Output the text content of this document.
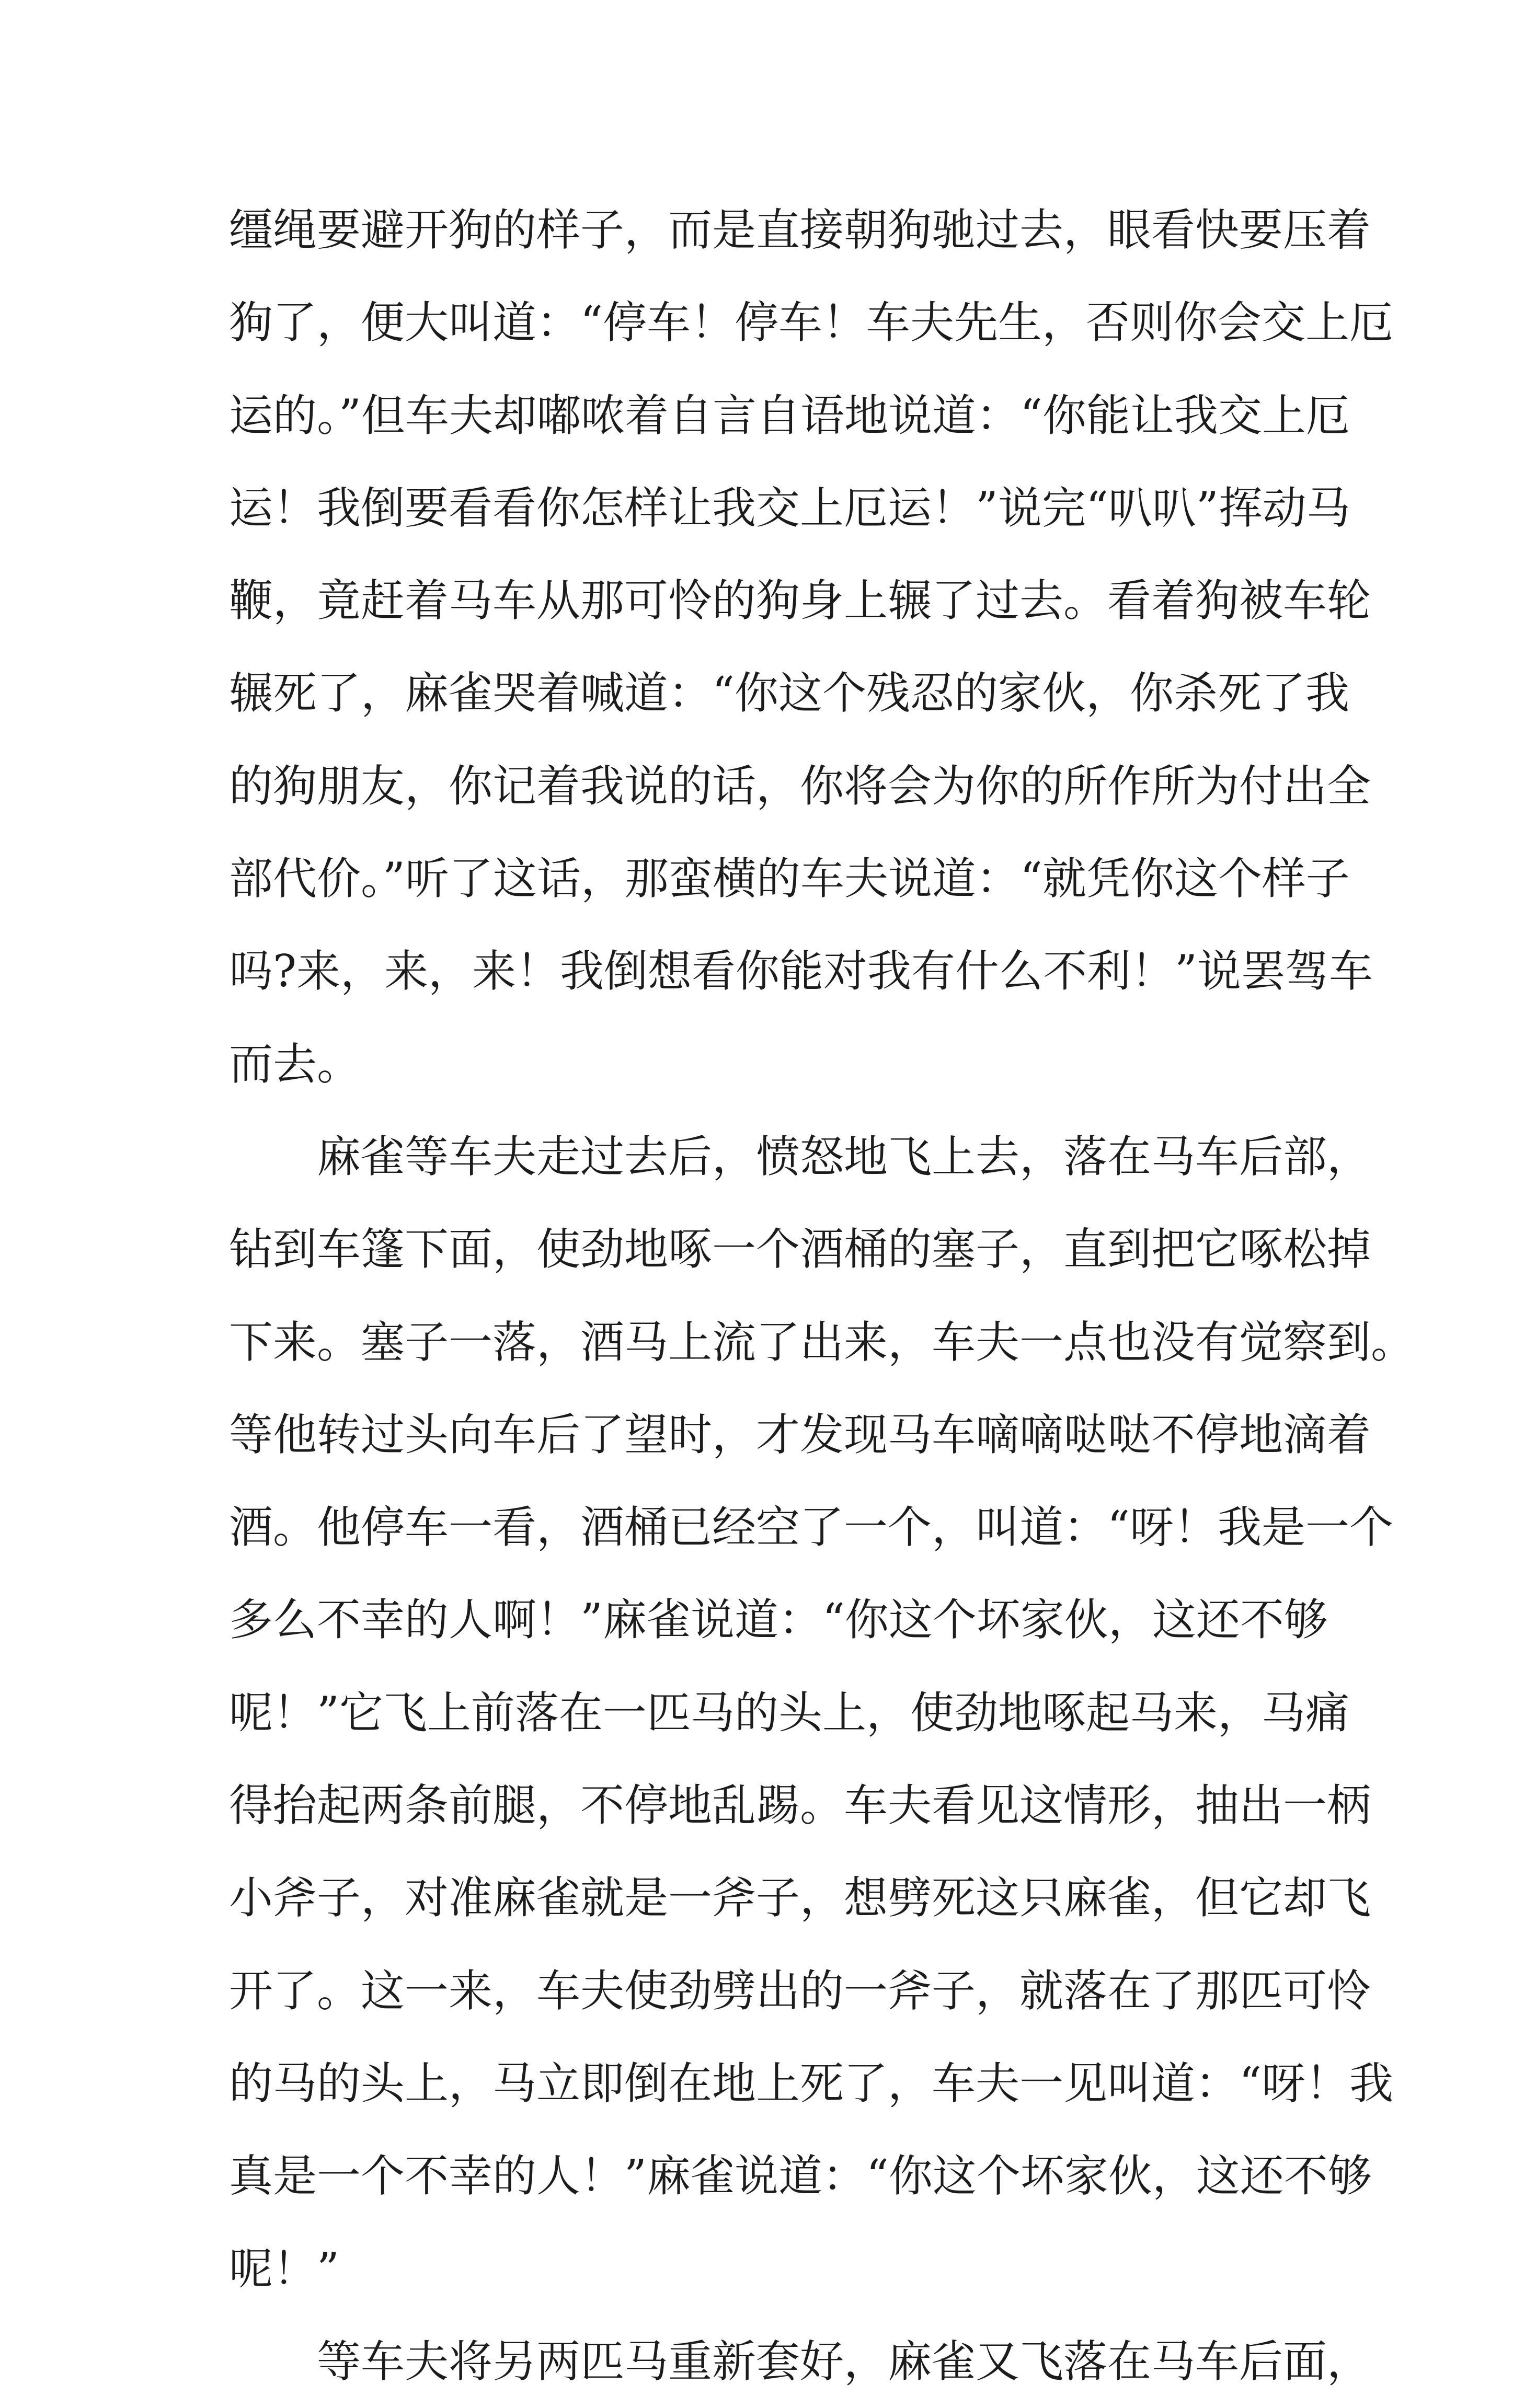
缰绳要避开狗的样子，而是直接朝狗驰过去，眼看快要压着
狗了，便大叫道：“停车！停车！车夫先生，否则你会交上厄
运的。”但车夫却嘟哝着自言自语地说道：“你能让我交上厄
运！我倒要看看你怎样让我交上厄运！”说完“叭叭”挥动马
鞭，竟赶着马车从那可怜的狗身上辗了过去。看着狗被车轮
辗死了，麻雀哭着喊道：“你这个残忍的家伙，你杀死了我
的狗朋友，你记着我说的话，你将会为你的所作所为付出全
部代价。”听了这话，那蛮横的车夫说道：“就凭你这个样子
吗?来，来，来！我倒想看你能对我有什么不利！”说罢驾车
而去。
麻雀等车夫走过去后，愤怒地飞上去，落在马车后部，
钻到车篷下面，使劲地啄一个酒桶的塞子，直到把它啄松掉
下来。塞子一落，酒马上流了出来，车夫一点也没有觉察到。
等他转过头向车后了望时，才发现马车嘀嘀哒哒不停地滴着
酒。他停车一看，酒桶已经空了一个，叫道：“呀！我是一个
多么不幸的人啊！”麻雀说道：“你这个坏家伙，这还不够
呢！”它飞上前落在一匹马的头上，使劲地啄起马来，马痛
得抬起两条前腿，不停地乱踢。车夫看见这情形，抽出一柄
小斧子，对准麻雀就是一斧子，想劈死这只麻雀，但它却飞
开了。这一来，车夫使劲劈出的一斧子，就落在了那匹可怜
的马的头上，马立即倒在地上死了，车夫一见叫道：“呀！我
真是一个不幸的人！”麻雀说道：“你这个坏家伙，这还不够
呢！”
等车夫将另两匹马重新套好，麻雀又飞落在马车后面，
